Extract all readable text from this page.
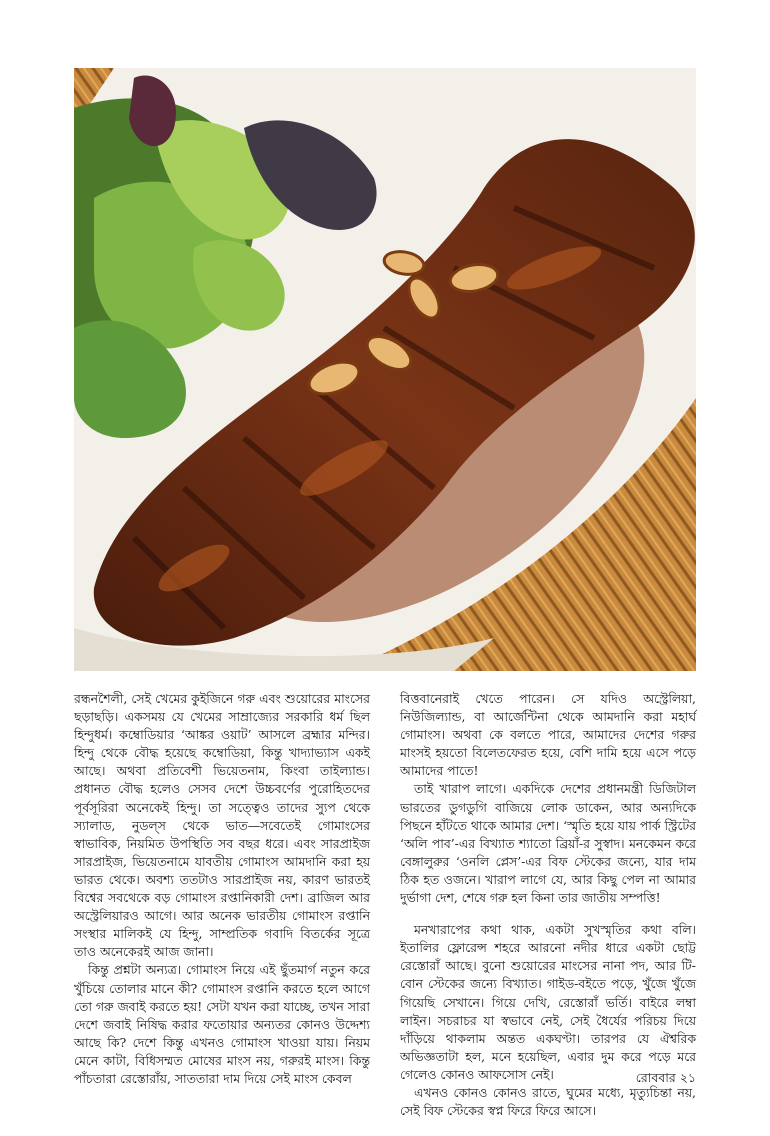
রন্ধনশৈলী, সেই খেমের কুইজিনে গরু এবং শুয়োরের মাংসের ছড়াছড়ি। একসময় যে খেমের সাম্রাজ্যের সরকারি ধর্ম ছিল হিন্দুধর্ম। কম্বোডিয়ার ‘আঙ্কর ওয়াট’ আসলে ব্রহ্মার মন্দির। হিন্দু থেকে বৌদ্ধ হয়েছে কম্বোডিয়া, কিন্তু খাদ্যাভ্যাস একই আছে। অথবা প্রতিবেশী ভিয়েতনাম, কিংবা তাইল্যান্ড। প্রধানত বৌদ্ধ হলেও সেসব দেশে উচ্চবর্ণের পুরোহিতদের পূর্বসূরিরা অনেকেই হিন্দু। তা সত্ত্বেও তাদের স্যুপ থেকে স্যালাড, নুডল্‌স থেকে ভাত—সবেতেই গোমাংসের স্বাভাবিক, নিয়মিত উপস্থিতি সব বছর ধরে। এবং সারপ্রাইজ সারপ্রাইজ, ভিয়েতনামে যাবতীয় গোমাংস আমদানি করা হয় ভারত থেকে। অবশ্য ততটাও সারপ্রাইজ নয়, কারণ ভারতই বিশ্বের সবথেকে বড় গোমাংস রপ্তানিকারী দেশ। ব্রাজিল আর অস্ট্রেলিয়ারও আগে। আর অনেক ভারতীয় গোমাংস রপ্তানি সংস্থার মালিকই যে হিন্দু, সাম্প্রতিক গবাদি বিতর্কের সূত্রে তাও অনেকেরই আজ জানা।

কিন্তু প্রশ্নটা অন্যত্র। গোমাংস নিয়ে এই ছুঁতমার্গ নতুন করে খুঁচিয়ে তোলার মানে কী? গোমাংস রপ্তানি করতে হলে আগে তো গরু জবাই করতে হয়! সেটা যখন করা যাচ্ছে, তখন সারা দেশে জবাই নিষিদ্ধ করার ফতোয়ার অন্যতর কোনও উদ্দেশ্য আছে কি? দেশে কিন্তু এখনও গোমাংস খাওয়া যায়। নিয়ম মেনে কাটা, বিধিসম্মত মোষের মাংস নয়, গরুরই মাংস। কিন্তু পাঁচতারা রেস্তোরাঁয়, সাততারা দাম দিয়ে সেই মাংস কেবল

বিত্তবানেরাই খেতে পারেন। সে যদিও অস্ট্রেলিয়া, নিউজিল্যান্ড, বা আর্জেন্টিনা থেকে আমদানি করা মহার্ঘ গোমাংস। অথবা কে বলতে পারে, আমাদের দেশের গরুর মাংসই হয়তো বিলেতফেরত হয়ে, বেশি দামি হয়ে এসে পড়ে আমাদের পাতে!

তাই খারাপ লাগে। একদিকে দেশের প্রধানমন্ত্রী ডিজিটাল ভারতের ডুগডুগি বাজিয়ে লোক ডাকেন, আর অন্যদিকে পিছনে হাঁটতে থাকে আমার দেশ। ‘স্মৃতি হয়ে যায় পার্ক স্ট্রিটের ‘অলি পাব’-এর বিখ্যাত শ্যাতো ব্রিয়াঁ-র সুস্বাদ। মনকেমন করে বেঙ্গালুরুর ‘ওনলি প্লেস’-এর বিফ স্টেকের জন্যে, যার দাম ঠিক হত ওজনে। খারাপ লাগে যে, আর কিছু পেল না আমার দুর্ভাগা দেশ, শেষে গরু হল কিনা তার জাতীয় সম্পত্তি!

মনখারাপের কথা থাক, একটা সুখস্মৃতির কথা বলি। ইতালির ফ্লোরেন্স শহরে আরনো নদীর ধারে একটা ছোট্ট রেস্তোরাঁ আছে। বুনো শুয়োরের মাংসের নানা পদ, আর টি-বোন স্টেকের জন্যে বিখ্যাত। গাইড-বইতে পড়ে, খুঁজে খুঁজে গিয়েছি সেখানে। গিয়ে দেখি, রেস্তোরাঁ ভর্তি। বাইরে লম্বা লাইন। সচরাচর যা স্বভাবে নেই, সেই ধৈর্যের পরিচয় দিয়ে দাঁড়িয়ে থাকলাম অন্তত একঘণ্টা। তারপর যে ঐশ্বরিক অভিজ্ঞতাটা হল, মনে হয়েছিল, এবার দুম করে পড়ে মরে গেলেও কোনও আফসোস নেই।

এখনও কোনও কোনও রাতে, ঘুমের মধ্যে, মৃত্যুচিন্তা নয়, সেই বিফ স্টেকের স্বপ্ন ফিরে ফিরে আসে।

রোববার ২১
